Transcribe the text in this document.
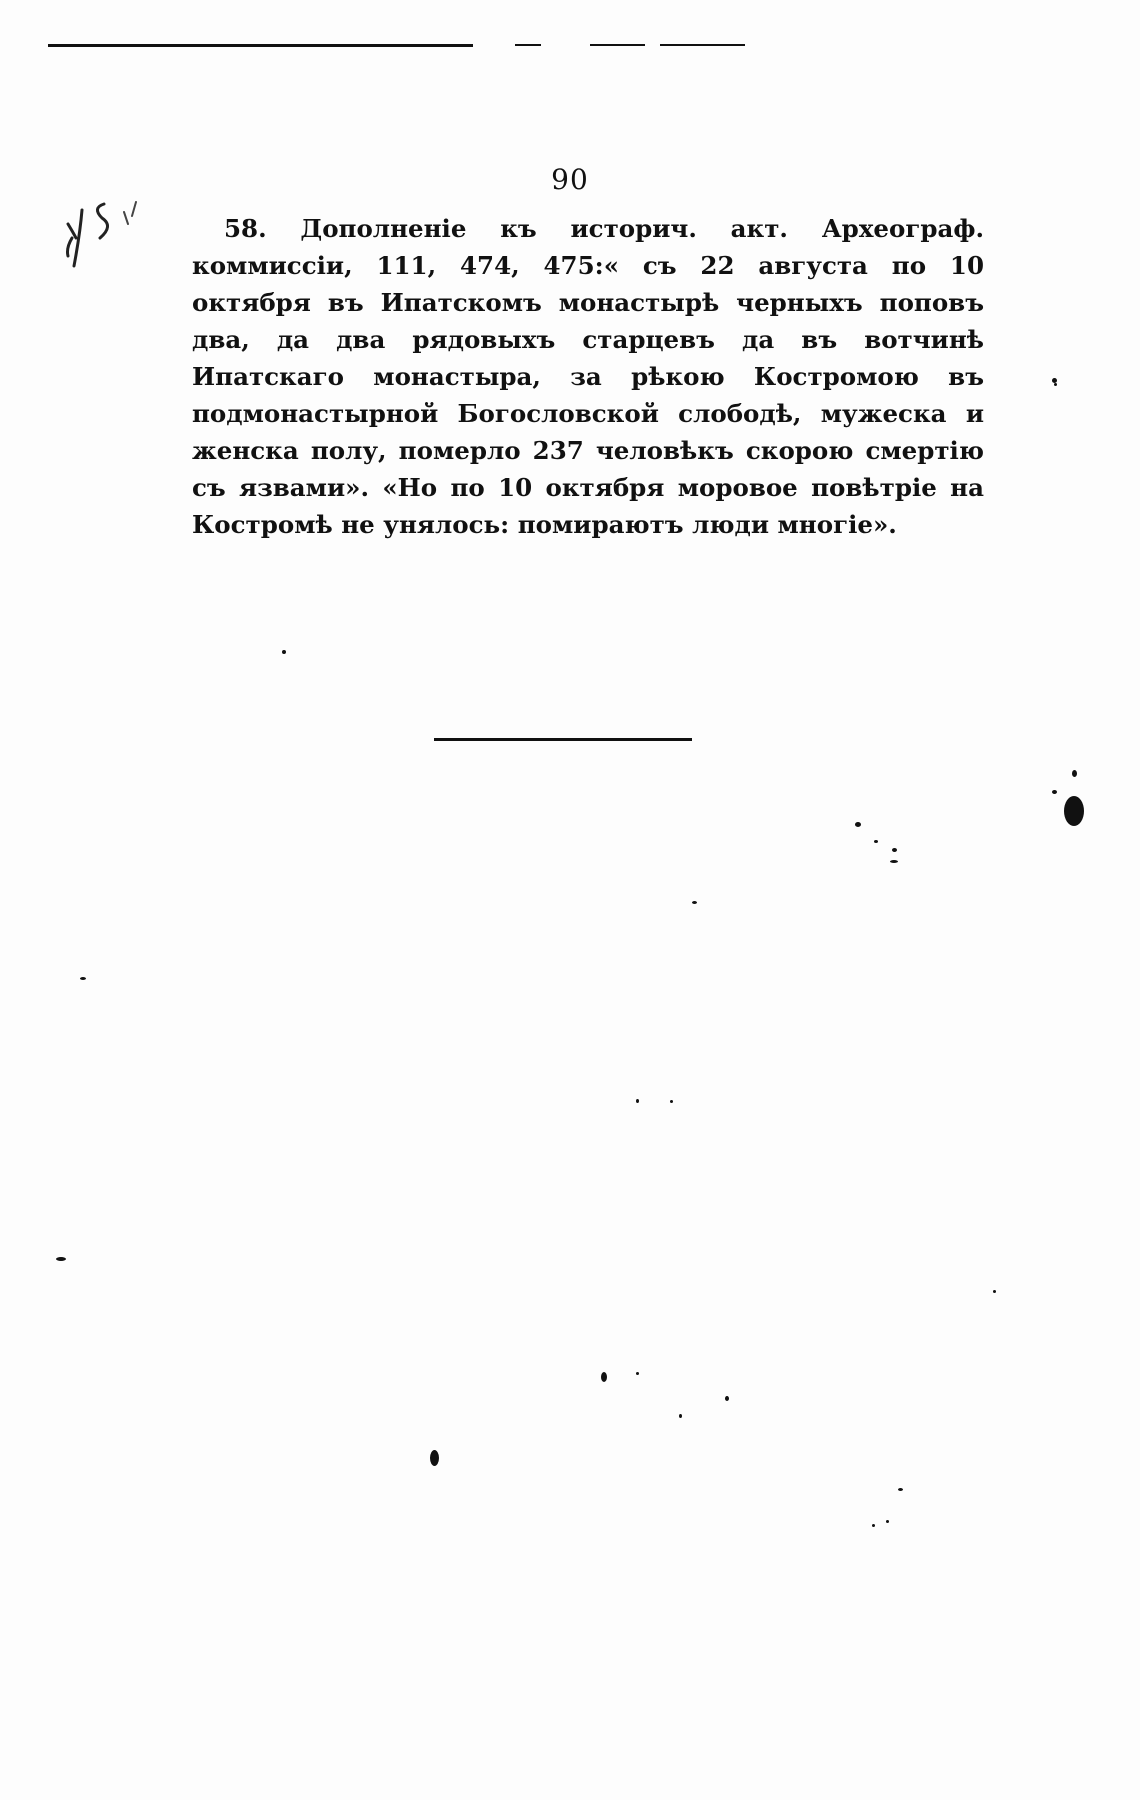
90

58. Дополненіе къ историч. акт. Археограф. коммиссіи, 111, 474, 475:« съ 22 августа по 10 октября въ Ипатскомъ монастырѣ черныхъ поповъ два, да два рядовыхъ старцевъ да въ вотчинѣ Ипатскаго монастыра, за рѣкою Костромою въ подмонастырной Богословской слободѣ, мужеска и женска полу, померло 237 человѣкъ скорою смертію съ язвами». «Но по 10 октября моровое повѣтріе на Костромѣ не унялось: помираютъ люди многіе».
